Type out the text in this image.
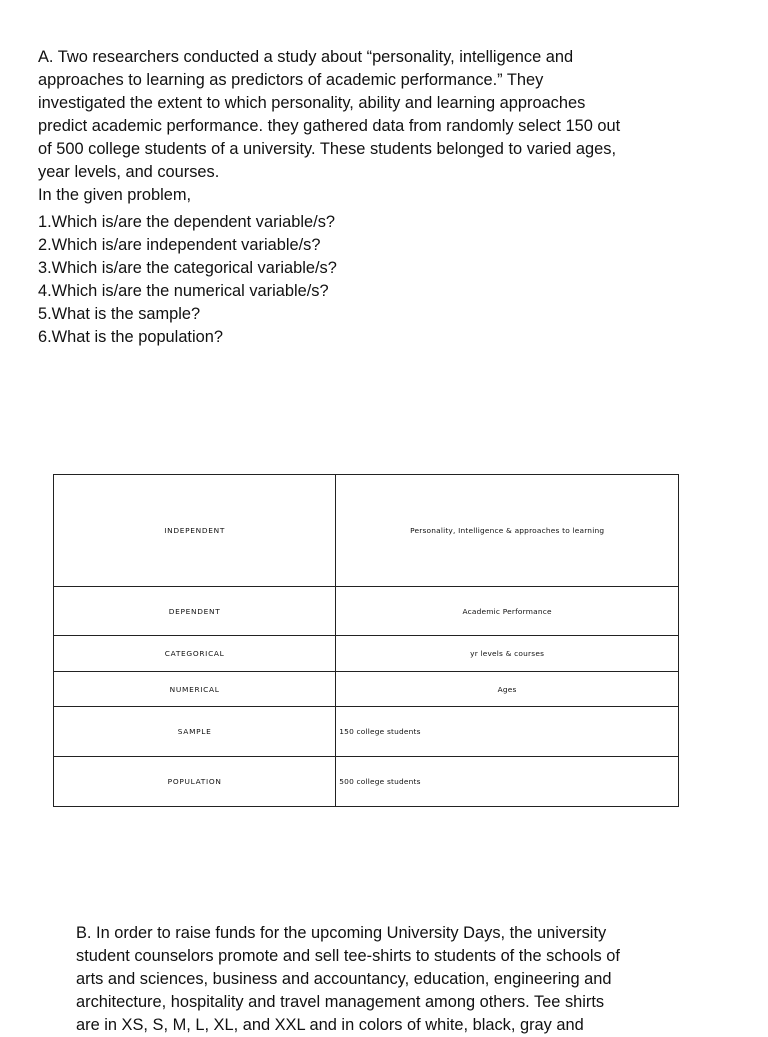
A. Two researchers conducted a study about “personality, intelligence and
approaches to learning as predictors of academic performance.” They
investigated the extent to which personality, ability and learning approaches
predict academic performance. they gathered data from randomly select 150 out
of 500 college students of a university. These students belonged to varied ages,
year levels, and courses.

In the given problem,

1.Which is/are the dependent variable/s?
2.Which is/are independent variable/s?
3.Which is/are the categorical variable/s?
4.Which is/are the numerical variable/s?
5.What is the sample?
6.What is the population?
INDEPENDENT	Personality, Intelligence & approaches to learning
DEPENDENT	Academic Performance
CATEGORICAL	yr levels & courses
NUMERICAL	Ages
SAMPLE	150 college students
POPULATION	500 college students

B. In order to raise funds for the upcoming University Days, the university
student counselors promote and sell tee-shirts to students of the schools of
arts and sciences, business and accountancy, education, engineering and
architecture, hospitality and travel management among others. Tee shirts
are in XS, S, M, L, XL, and XXL and in colors of white, black, gray and
